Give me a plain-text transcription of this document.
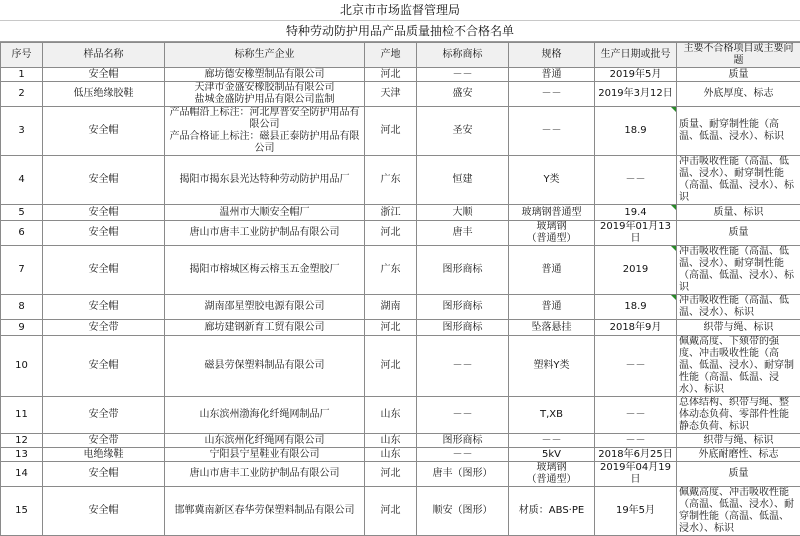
北京市市场监督管理局
特种劳动防护用品产品质量抽检不合格名单
序号	样品名称	标称生产企业	产地	标称商标	规格	生产日期或批号	主要不合格项目或主要问题
1	安全帽	廊坊德安橡塑制品有限公司	河北	－－	普通	2019年5月	质量
2	低压绝缘胶鞋	天津市金盛安橡胶制品有限公司
盐城金盛防护用品有限公司监制	天津	盛安	－－	2019年3月12日	外底厚度、标志
3	安全帽	产品帽沿上标注：河北厚普安全防护用品有限公司
产品合格证上标注：磁县正泰防护用品有限公司	河北	圣安	－－	18.9	质量、耐穿制性能（高温、低温、浸水）、标识
4	安全帽	揭阳市揭东县光达特种劳动防护用品厂	广东	恒建	Y类	－－	冲击吸收性能（高温、低温、浸水）、耐穿制性能（高温、低温、浸水）、标识
5	安全帽	温州市大顺安全帽厂	浙江	大顺	玻璃钢普通型	19.4	质量、标识
6	安全帽	唐山市唐丰工业防护制品有限公司	河北	唐丰	玻璃钢
（普通型）	2019年01月13日	质量
7	安全帽	揭阳市榕城区梅云榕玉五金塑胶厂	广东	图形商标	普通	2019	冲击吸收性能（高温、低温、浸水）、耐穿制性能（高温、低温、浸水）、标识
8	安全帽	湖南邵星塑胶电源有限公司	湖南	图形商标	普通	18.9	冲击吸收性能（高温、低温、浸水）、标识
9	安全带	廊坊建钢新育工贸有限公司	河北	图形商标	坠落悬挂	2018年9月	织带与绳、标识
10	安全帽	磁县劳保塑料制品有限公司	河北	－－	塑料Y类	－－	佩戴高度、下颏带的强度、冲击吸收性能（高温、低温、浸水）、耐穿制性能（高温、低温、浸水）、标识
11	安全带	山东滨州渤海化纤绳网制品厂	山东	－－	T,XB	－－	总体结构、织带与绳、整体动态负荷、零部件性能静态负荷、标识
12	安全带	山东滨州化纤绳网有限公司	山东	图形商标	－－	－－	织带与绳、标识
13	电绝缘鞋	宁阳县宁星鞋业有限公司	山东	－－	5kV	2018年6月25日	外底耐磨性、标志
14	安全帽	唐山市唐丰工业防护制品有限公司	河北	唐丰（图形）	玻璃钢
（普通型）	2019年04月19日	质量
15	安全帽	邯郸冀南新区春华劳保塑料制品有限公司	河北	顺安（图形）	材质：ABS·PE	19年5月	佩戴高度、冲击吸收性能（高温、低温、浸水）、耐穿制性能（高温、低温、浸水）、标识
